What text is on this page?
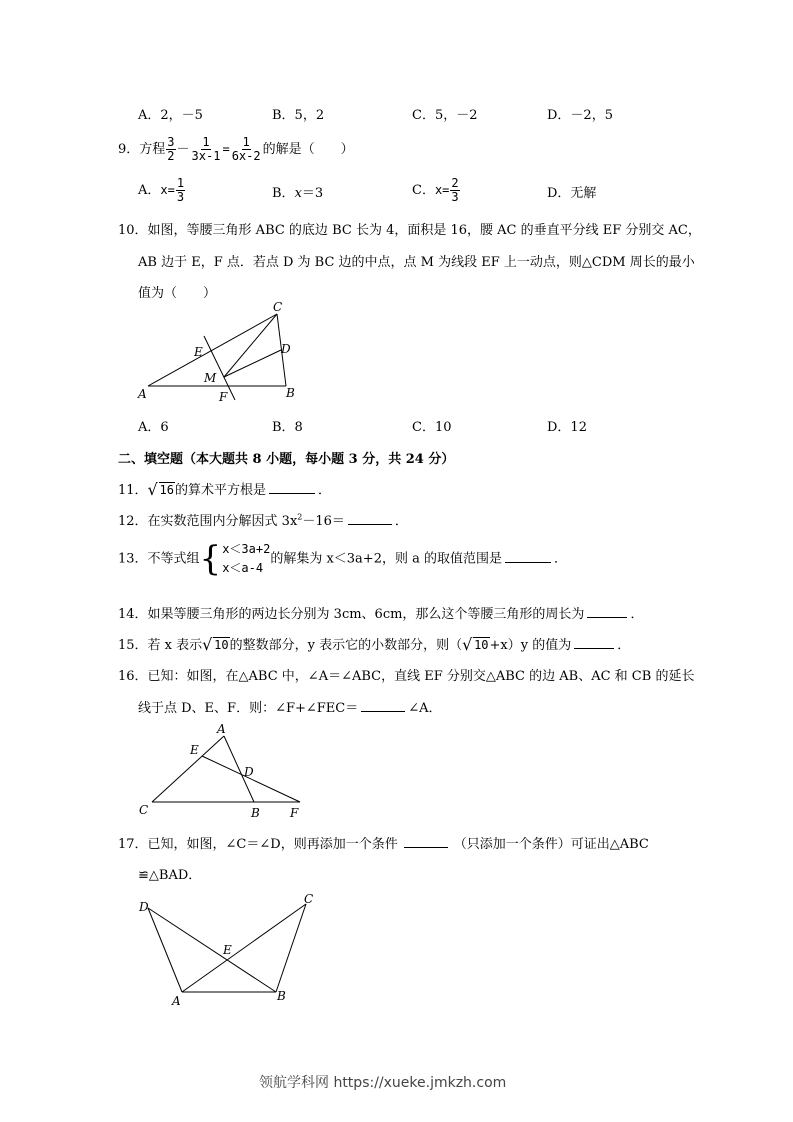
A．2，－5	B．5，2	C．5，－2	D．－2，5
9．方程 $\frac{3}{2} - \frac{1}{3x-1} = \frac{1}{6x-2}$ 的解是（　　）
A．$x= \frac{1}{3}$	B．x＝3	C．$x= \frac{2}{3}$	D．无解
10．如图，等腰三角形 ABC 的底边 BC 长为 4，面积是 16，腰 AC 的垂直平分线 EF 分别交 AC，
AB 边于 E，F 点．若点 D 为 BC 边的中点，点 M 为线段 EF 上一动点，则△CDM 周长的最小
值为（　　）
A	B
C
D
E
F
M
A．6	B．8	C．10	D．12
二、填空题（本大题共 8 小题，每小题 3 分，共 24 分）
11． √ 16的算术平方根是	．
12．在实数范围内分解因式 $3x^2-16=$	．
13．不等式组 { x＜3a+2
x＜a-4
的解集为 x＜3a+2，则 a 的取值范围是	．
14．如果等腰三角形的两边长分别为 3cm、6cm，那么这个等腰三角形的周长为	．
15．若 x 表示 √ 10的整数部分，y 表示它的小数部分，则（ √ 10+x）y 的值为	．
16．已知：如图，在△ABC 中，∠A＝∠ABC，直线 EF 分别交△ABC 的边 AB、AC 和 CB 的延长
线于点 D、E、F．则：∠F+∠FEC＝	∠A．
A
B
C
D
E
F
17．已知，如图，∠C＝∠D，则再添加一个条件	（只添加一个条件）可证出△ABC
≌△BAD．
A	B
C
D
E
领航学科网 https://xueke.jmkzh.com
